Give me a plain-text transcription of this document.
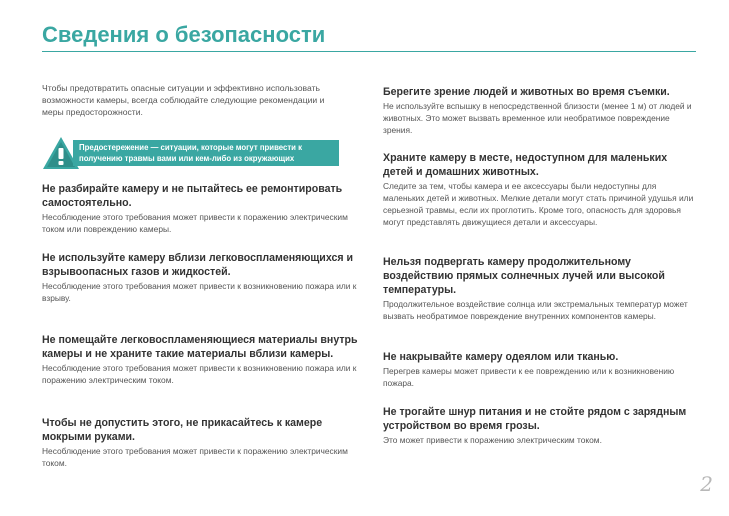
Сведения о безопасности

Чтобы предотвратить опасные ситуации и эффективно использовать возможности камеры, всегда соблюдайте следующие рекомендации и меры предосторожности.

Предостережение — ситуации, которые могут привести к
получению травмы вами или кем-либо из окружающих
Не разбирайте камеру и не пытайтесь ее ремонтировать самостоятельно.

Несоблюдение этого требования может привести к поражению электрическим током или повреждению камеры.

Не используйте камеру вблизи легковоспламеняющихся и взрывоопасных газов и жидкостей.

Несоблюдение этого требования может привести к возникновению пожара или к взрыву.

Не помещайте легковоспламеняющиеся материалы внутрь камеры и не храните такие материалы вблизи камеры.

Несоблюдение этого требования может привести к возникновению пожара или к поражению электрическим током.

Чтобы не допустить этого, не прикасайтесь к камере мокрыми руками.

Несоблюдение этого требования может привести к поражению электрическим током.

Берегите зрение людей и животных во время съемки.

Не используйте вспышку в непосредственной близости (менее 1 м) от людей и животных. Это может вызвать временное или необратимое повреждение зрения.

Храните камеру в месте, недоступном для маленьких детей и домашних животных.

Следите за тем, чтобы камера и ее аксессуары были недоступны для маленьких детей и животных. Мелкие детали могут стать причиной удушья или серьезной травмы, если их проглотить. Кроме того, опасность для здоровья могут представлять движущиеся детали и аксессуары.

Нельзя подвергать камеру продолжительному воздействию прямых солнечных лучей или высокой температуры.

Продолжительное воздействие солнца или экстремальных температур может вызвать необратимое повреждение внутренних компонентов камеры.

Не накрывайте камеру одеялом или тканью.

Перегрев камеры может привести к ее повреждению или к возникновению пожара.

Не трогайте шнур питания и не стойте рядом с зарядным устройством во время грозы.

Это может привести к поражению электрическим током.

2
